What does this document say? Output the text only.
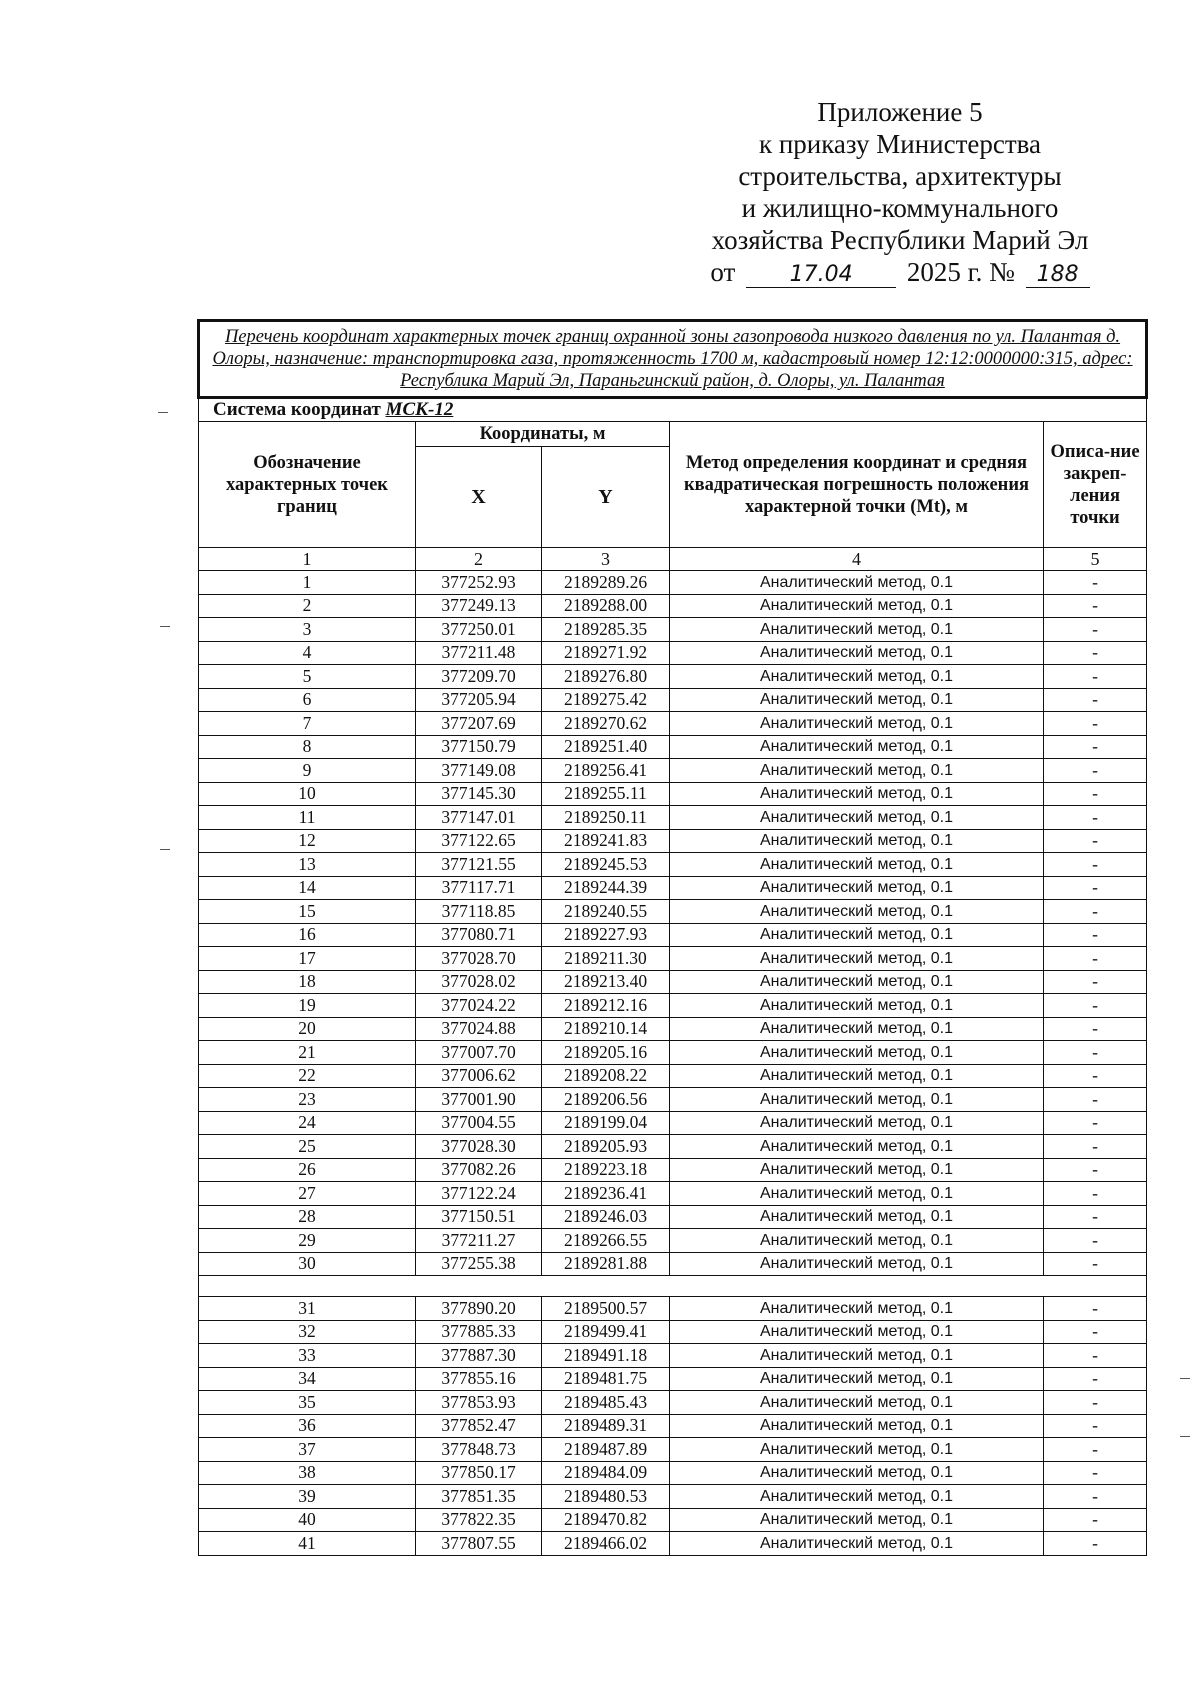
Приложение 5
к приказу Министерства
строительства, архитектуры
и жилищно-коммунального
хозяйства Республики Марий Эл
от 17.04 2025 г. № 188
Перечень координат характерных точек границ охранной зоны газопровода низкого давления по ул. Палантая д. Олоры, назначение: транспортировка газа, протяженность 1700 м, кадастровый номер 12:12:0000000:315, адрес: Республика Марий Эл, Параньгинский район, д. Олоры, ул. Палантая				
Система координат МСК-12				
Обозначение характерных точек границ	Координаты, м		Метод определения координат и средняя квадратическая погрешность положения характерной точки (Mt), м	Описа-ние закреп-ления точки
	X	Y		
1	2	3	4	5
1	377252.93	2189289.26	Аналитический метод, 0.1	-
2	377249.13	2189288.00	Аналитический метод, 0.1	-
3	377250.01	2189285.35	Аналитический метод, 0.1	-
4	377211.48	2189271.92	Аналитический метод, 0.1	-
5	377209.70	2189276.80	Аналитический метод, 0.1	-
6	377205.94	2189275.42	Аналитический метод, 0.1	-
7	377207.69	2189270.62	Аналитический метод, 0.1	-
8	377150.79	2189251.40	Аналитический метод, 0.1	-
9	377149.08	2189256.41	Аналитический метод, 0.1	-
10	377145.30	2189255.11	Аналитический метод, 0.1	-
11	377147.01	2189250.11	Аналитический метод, 0.1	-
12	377122.65	2189241.83	Аналитический метод, 0.1	-
13	377121.55	2189245.53	Аналитический метод, 0.1	-
14	377117.71	2189244.39	Аналитический метод, 0.1	-
15	377118.85	2189240.55	Аналитический метод, 0.1	-
16	377080.71	2189227.93	Аналитический метод, 0.1	-
17	377028.70	2189211.30	Аналитический метод, 0.1	-
18	377028.02	2189213.40	Аналитический метод, 0.1	-
19	377024.22	2189212.16	Аналитический метод, 0.1	-
20	377024.88	2189210.14	Аналитический метод, 0.1	-
21	377007.70	2189205.16	Аналитический метод, 0.1	-
22	377006.62	2189208.22	Аналитический метод, 0.1	-
23	377001.90	2189206.56	Аналитический метод, 0.1	-
24	377004.55	2189199.04	Аналитический метод, 0.1	-
25	377028.30	2189205.93	Аналитический метод, 0.1	-
26	377082.26	2189223.18	Аналитический метод, 0.1	-
27	377122.24	2189236.41	Аналитический метод, 0.1	-
28	377150.51	2189246.03	Аналитический метод, 0.1	-
29	377211.27	2189266.55	Аналитический метод, 0.1	-
30	377255.38	2189281.88	Аналитический метод, 0.1	-

31	377890.20	2189500.57	Аналитический метод, 0.1	-
32	377885.33	2189499.41	Аналитический метод, 0.1	-
33	377887.30	2189491.18	Аналитический метод, 0.1	-
34	377855.16	2189481.75	Аналитический метод, 0.1	-
35	377853.93	2189485.43	Аналитический метод, 0.1	-
36	377852.47	2189489.31	Аналитический метод, 0.1	-
37	377848.73	2189487.89	Аналитический метод, 0.1	-
38	377850.17	2189484.09	Аналитический метод, 0.1	-
39	377851.35	2189480.53	Аналитический метод, 0.1	-
40	377822.35	2189470.82	Аналитический метод, 0.1	-
41	377807.55	2189466.02	Аналитический метод, 0.1	-
